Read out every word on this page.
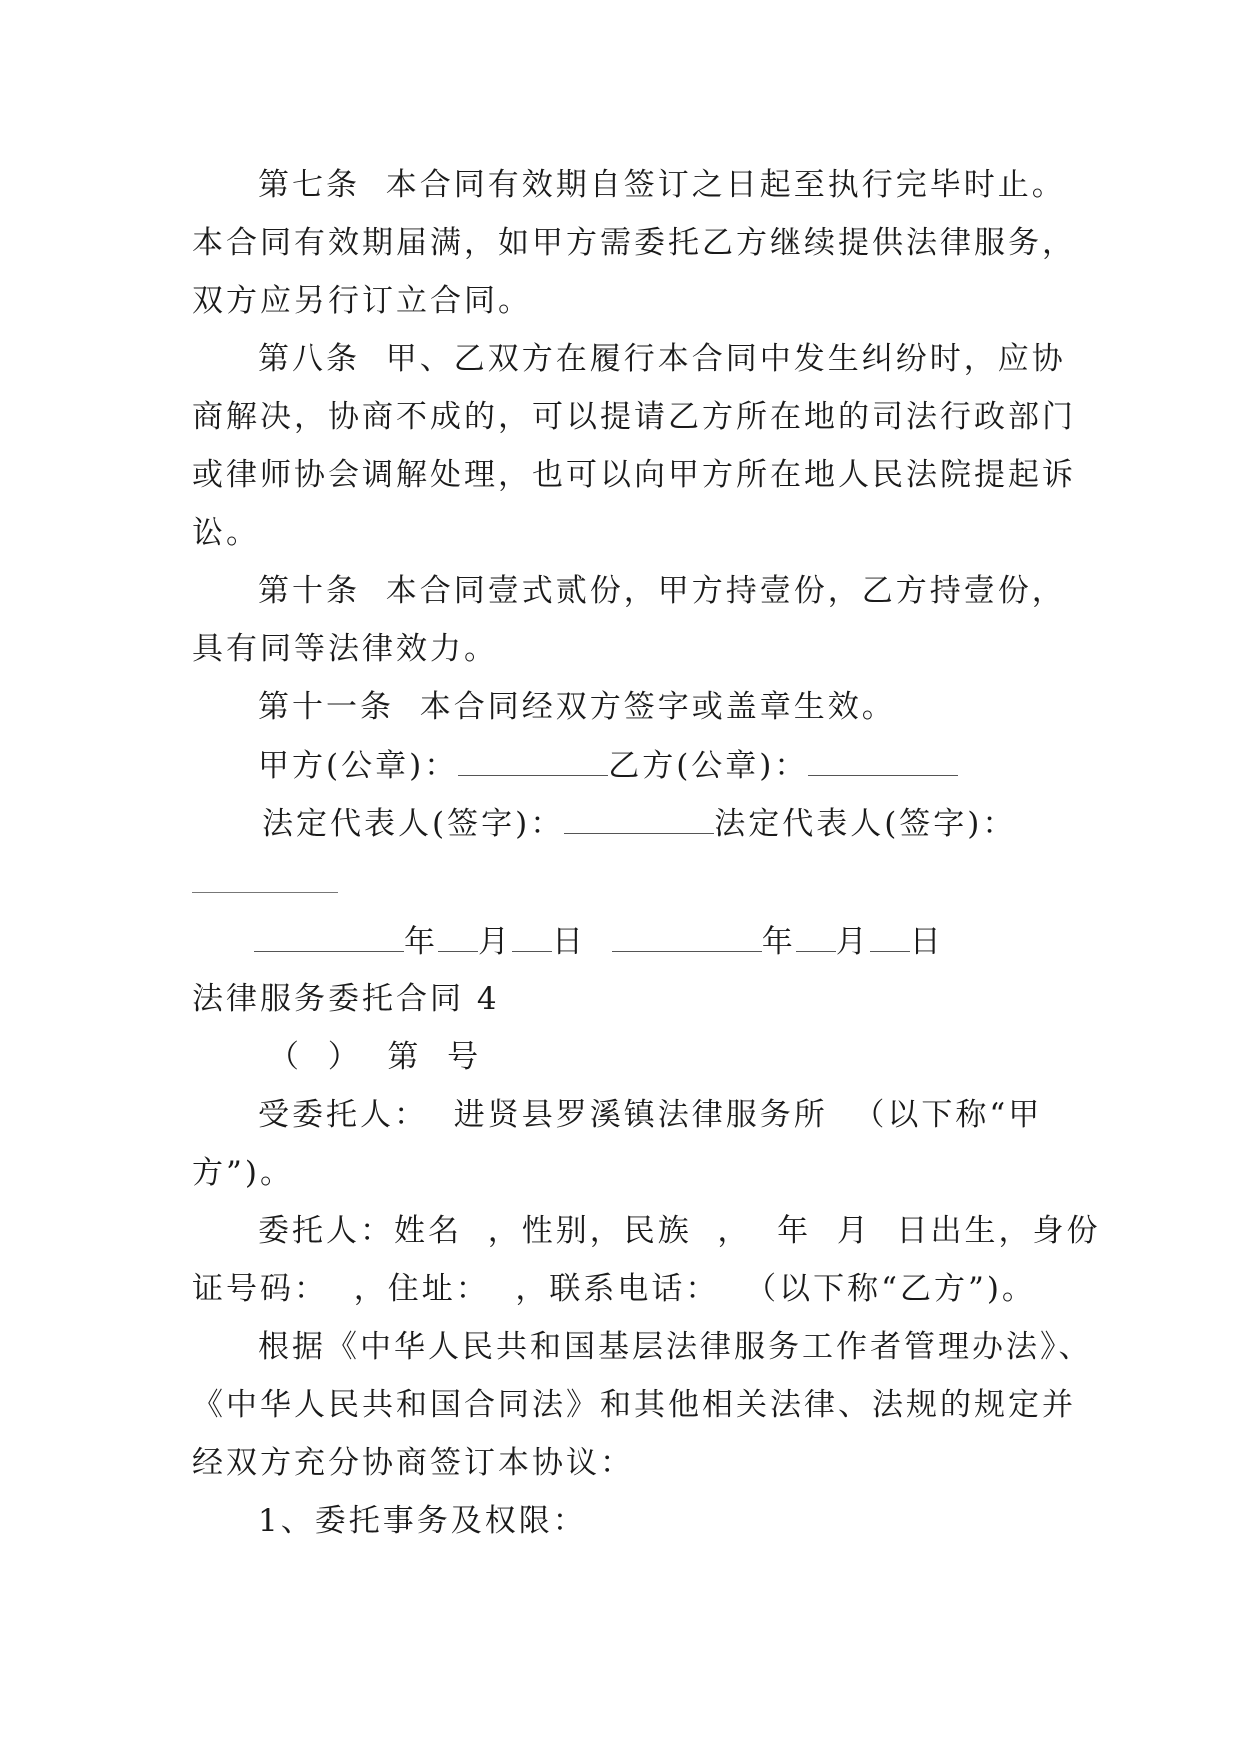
第七条  本合同有效期自签订之日起至执行完毕时止。
本合同有效期届满，如甲方需委托乙方继续提供法律服务，
双方应另行订立合同。
第八条  甲、乙双方在履行本合同中发生纠纷时，应协
商解决，协商不成的，可以提请乙方所在地的司法行政部门
或律师协会调解处理，也可以向甲方所在地人民法院提起诉
讼。
第十条  本合同壹式贰份，甲方持壹份，乙方持壹份，
具有同等法律效力。
第十一条  本合同经双方签字或盖章生效。
甲方(公章)：	乙方(公章)：
法定代表人(签字)：	法定代表人(签字)：
年 月 日	年 月 日
法律服务委托合同 4
（  ）  第  号
受委托人：  进贤县罗溪镇法律服务所  （以下称“甲
方”)。
委托人：姓名  ，性别，民族  ，  年  月  日出生，身份
证号码：  ，住址：  ，联系电话：  （以下称“乙方”)。
根据《中华人民共和国基层法律服务工作者管理办法》、
《中华人民共和国合同法》和其他相关法律、法规的规定并
经双方充分协商签订本协议：
1、委托事务及权限：
